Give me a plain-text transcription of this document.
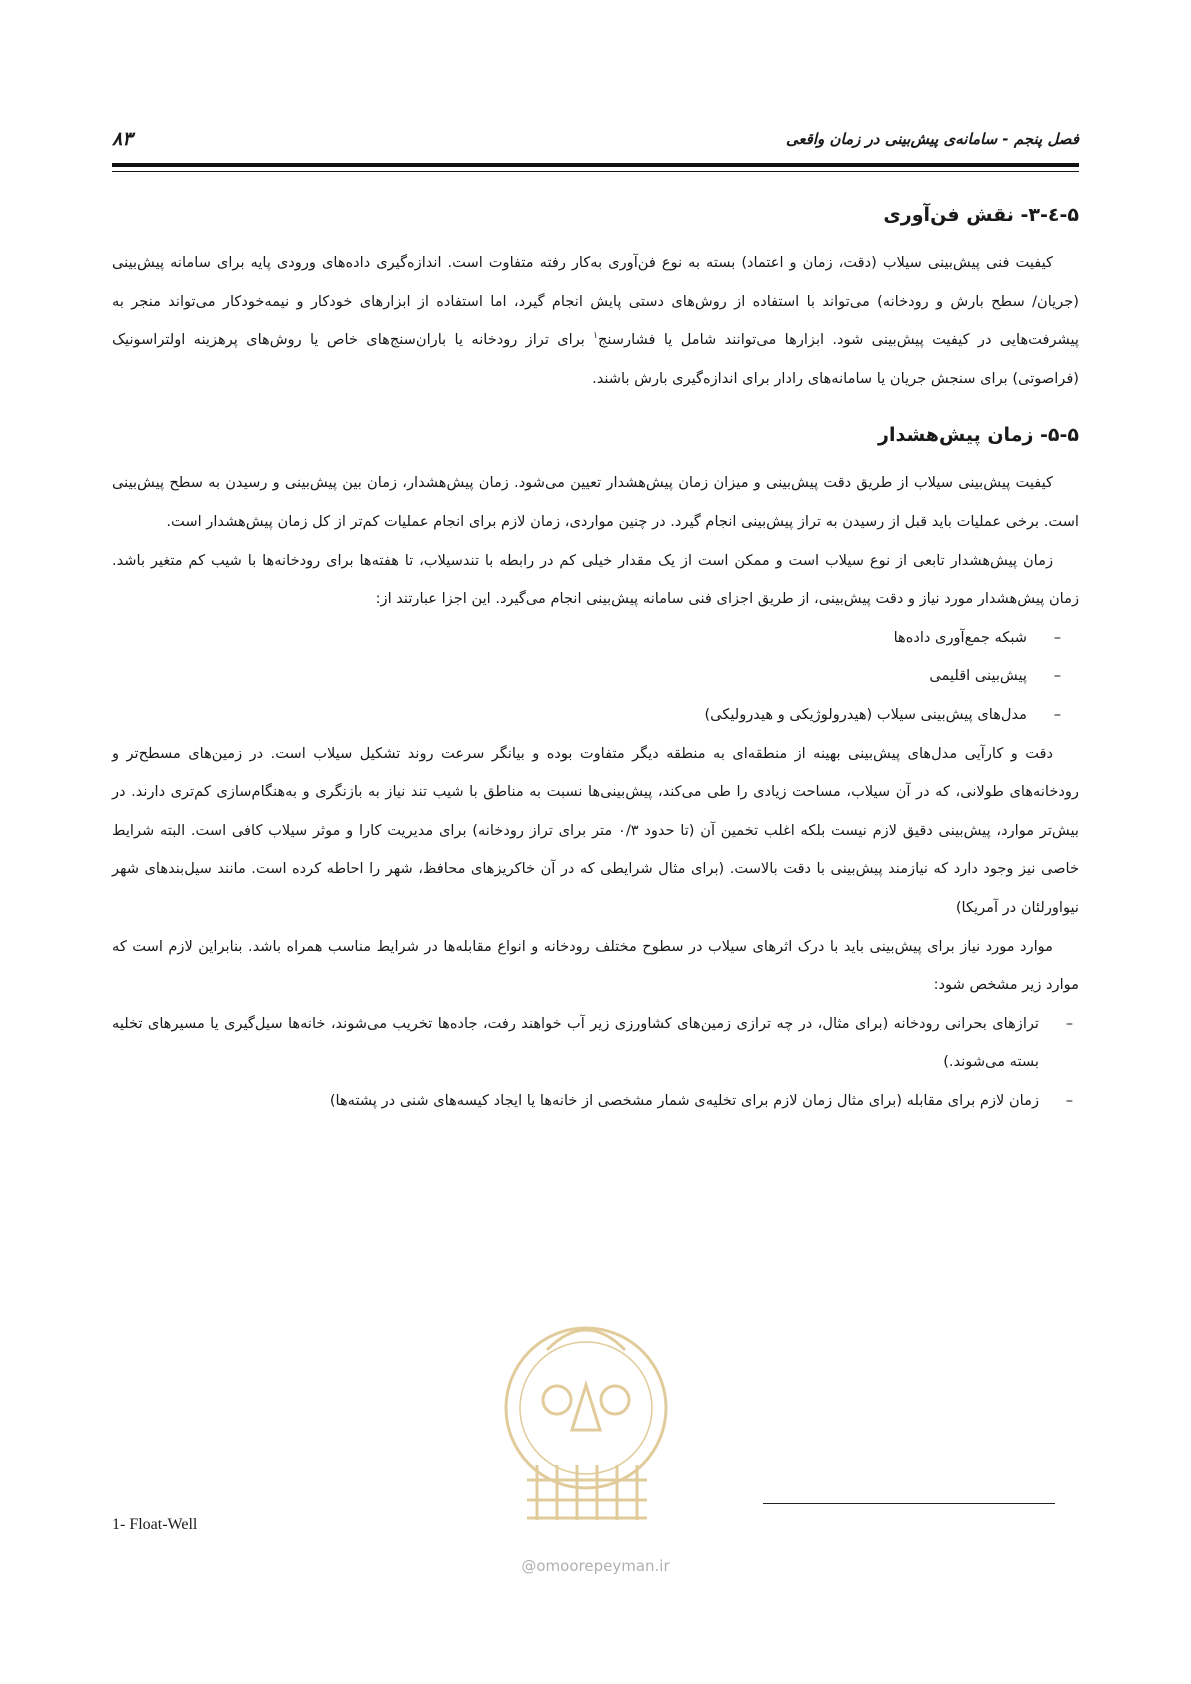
فصل پنجم - سامانه‌ی پیش‌بینی در زمان واقعی
۸۳
۵-٤-۳- نقش فن‌آوری

کیفیت فنی پیش‌بینی سیلاب (دقت، زمان و اعتماد) بسته به نوع فن‌آوری به‌کار رفته متفاوت است. اندازه‌گیری داده‌های ورودی پایه برای سامانه پیش‌بینی (جریان/ سطح بارش و رودخانه) می‌تواند با استفاده از روش‌های دستی پایش انجام گیرد، اما استفاده از ابزارهای خودکار و نیمه‌خودکار می‌تواند منجر به پیشرفت‌هایی در کیفیت پیش‌بینی شود. ابزارها می‌توانند شامل یا فشارسنج$^۱$ برای تراز رودخانه یا باران‌سنج‌های خاص یا روش‌های پرهزینه اولتراسونیک (فراصوتی) برای سنجش جریان یا سامانه‌های رادار برای اندازه‌گیری بارش باشند.

۵-۵- زمان پیش‌هشدار

کیفیت پیش‌بینی سیلاب از طریق دقت پیش‌بینی و میزان زمان پیش‌هشدار تعیین می‌شود. زمان پیش‌هشدار، زمان بین پیش‌بینی و رسیدن به سطح پیش‌بینی است. برخی عملیات باید قبل از رسیدن به تراز پیش‌بینی انجام گیرد. در چنین مواردی، زمان لازم برای انجام عملیات کم‌تر از کل زمان پیش‌هشدار است.

زمان پیش‌هشدار تابعی از نوع سیلاب است و ممکن است از یک مقدار خیلی کم در رابطه با تندسیلاب، تا هفته‌ها برای رودخانه‌ها با شیب کم متغیر باشد. زمان پیش‌هشدار مورد نیاز و دقت پیش‌بینی، از طریق اجزای فنی سامانه پیش‌بینی انجام می‌گیرد. این اجزا عبارتند از:

–
شبکه جمع‌آوری داده‌ها
–
پیش‌بینی اقلیمی
–
مدل‌های پیش‌بینی سیلاب (هیدرولوژیکی و هیدرولیکی)

دقت و کارآیی مدل‌های پیش‌بینی بهینه از منطقه‌ای به منطقه دیگر متفاوت بوده و بیانگر سرعت روند تشکیل سیلاب است. در زمین‌های مسطح‌تر و رودخانه‌های طولانی، که در آن سیلاب، مساحت زیادی را طی می‌کند، پیش‌بینی‌ها نسبت به مناطق با شیب تند نیاز به بازنگری و به‌هنگام‌سازی کم‌تری دارند. در بیش‌تر موارد، پیش‌بینی دقیق لازم نیست بلکه اغلب تخمین آن (تا حدود ۰/۳ متر برای تراز رودخانه) برای مدیریت کارا و موثر سیلاب کافی است. البته شرایط خاصی نیز وجود دارد که نیازمند پیش‌بینی با دقت بالاست. (برای مثال شرایطی که در آن خاکریزهای محافظ، شهر را احاطه کرده است. مانند سیل‌بندهای شهر نیواورلئان در آمریکا)

موارد مورد نیاز برای پیش‌بینی باید با درک اثرهای سیلاب در سطوح مختلف رودخانه و انواع مقابله‌ها در شرایط مناسب همراه باشد. بنابراین لازم است که موارد زیر مشخص شود:

–
ترازهای بحرانی رودخانه (برای مثال، در چه ترازی زمین‌های کشاورزی زیر آب خواهند رفت، جاده‌ها تخریب می‌شوند، خانه‌ها سیل‌گیری یا مسیرهای تخلیه بسته می‌شوند.)
–
زمان لازم برای مقابله (برای مثال زمان لازم برای تخلیه‌ی شمار مشخصی از خانه‌ها یا ایجاد کیسه‌های شنی در پشته‌ها)
@omoorepeyman.ir
1- Float-Well
